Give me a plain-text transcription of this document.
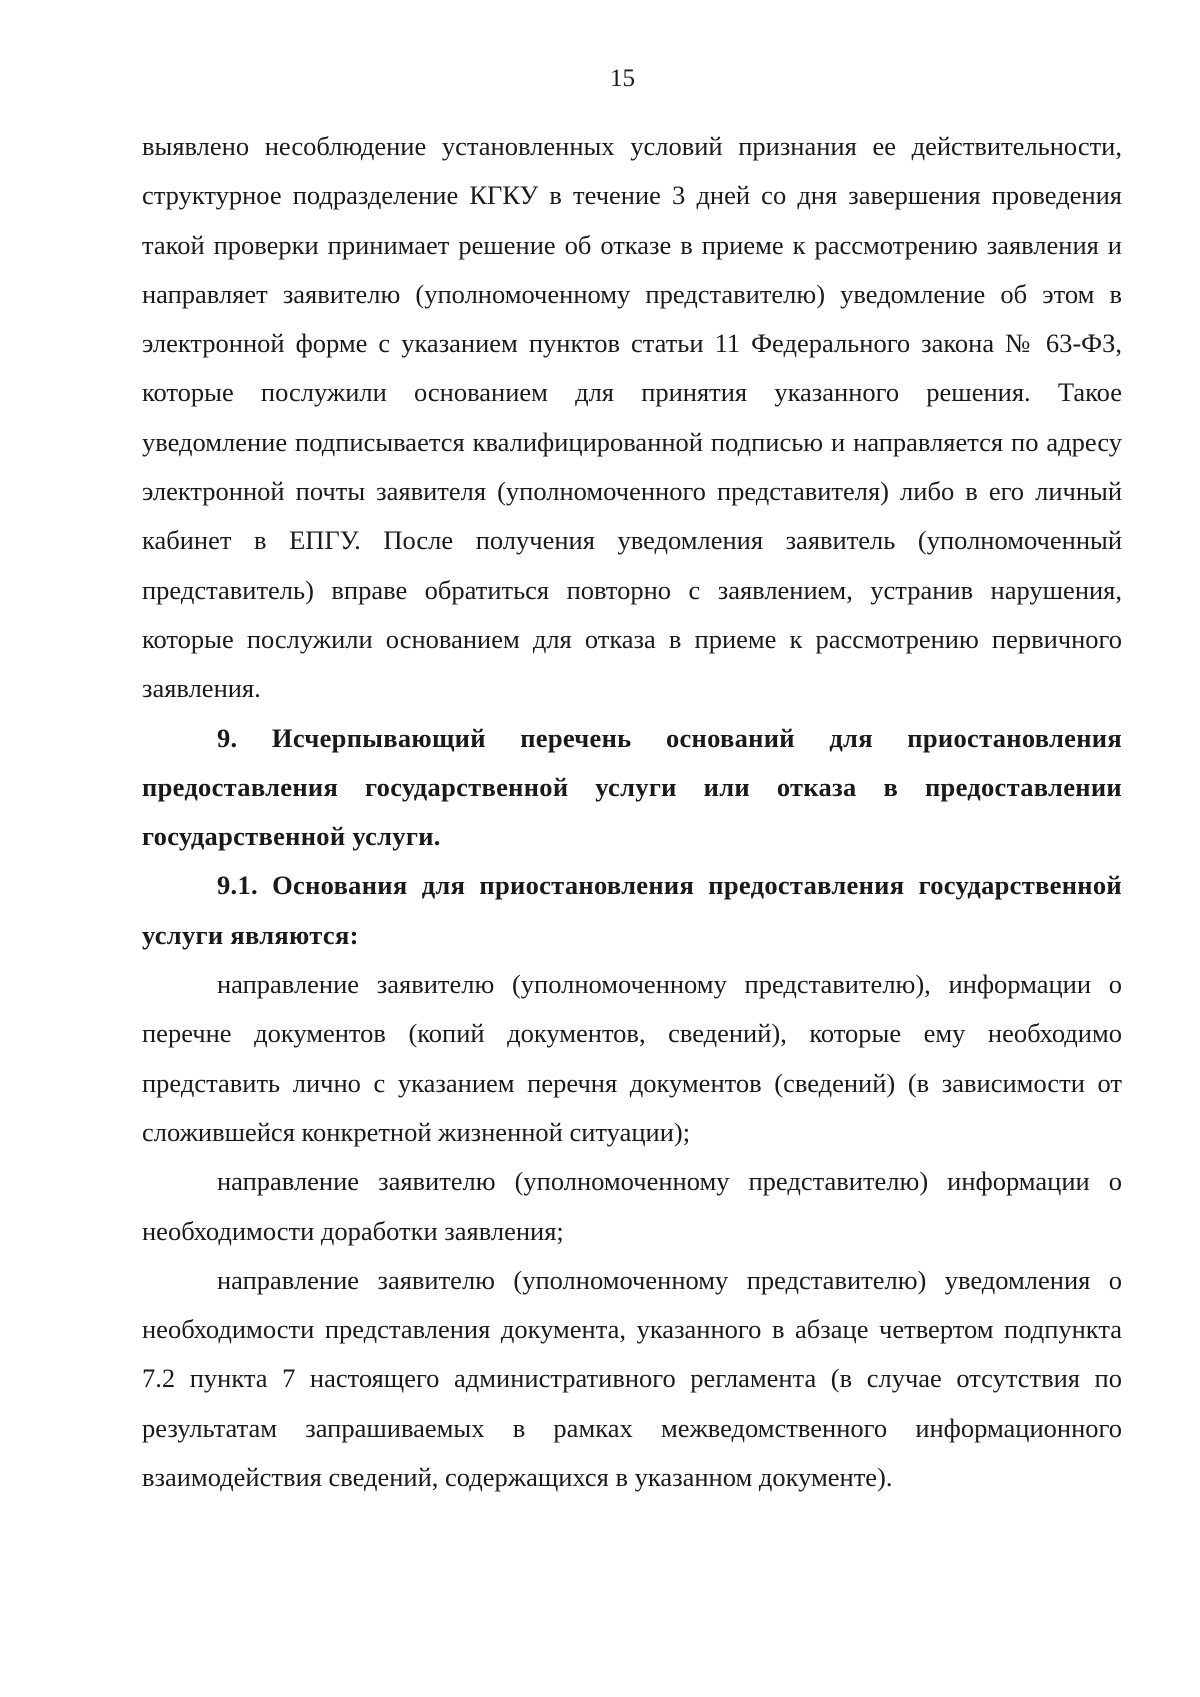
15

выявлено несоблюдение установленных условий признания ее действительности, структурное подразделение КГКУ в течение 3 дней со дня завершения проведения такой проверки принимает решение об отказе в приеме к рассмотрению заявления и направляет заявителю (уполномоченному представителю) уведомление об этом в электронной форме с указанием пунктов статьи 11 Федерального закона № 63-ФЗ, которые послужили основанием для принятия указанного решения. Такое уведомление подписывается квалифицированной подписью и направляется по адресу электронной почты заявителя (уполномоченного представителя) либо в его личный кабинет в ЕПГУ. После получения уведомления заявитель (уполномоченный представитель) вправе обратиться повторно с заявлением, устранив нарушения, которые послужили основанием для отказа в приеме к рассмотрению первичного заявления.

9. Исчерпывающий перечень оснований для приостановления предоставления государственной услуги или отказа в предоставлении государственной услуги.

9.1. Основания для приостановления предоставления государственной услуги являются:

направление заявителю (уполномоченному представителю), информации о перечне документов (копий документов, сведений), которые ему необходимо представить лично с указанием перечня документов (сведений) (в зависимости от сложившейся конкретной жизненной ситуации);

направление заявителю (уполномоченному представителю) информации о необходимости доработки заявления;

направление заявителю (уполномоченному представителю) уведомления о необходимости представления документа, указанного в абзаце четвертом подпункта 7.2 пункта 7 настоящего административного регламента (в случае отсутствия по результатам запрашиваемых в рамках межведомственного информационного взаимодействия сведений, содержащихся в указанном документе).
